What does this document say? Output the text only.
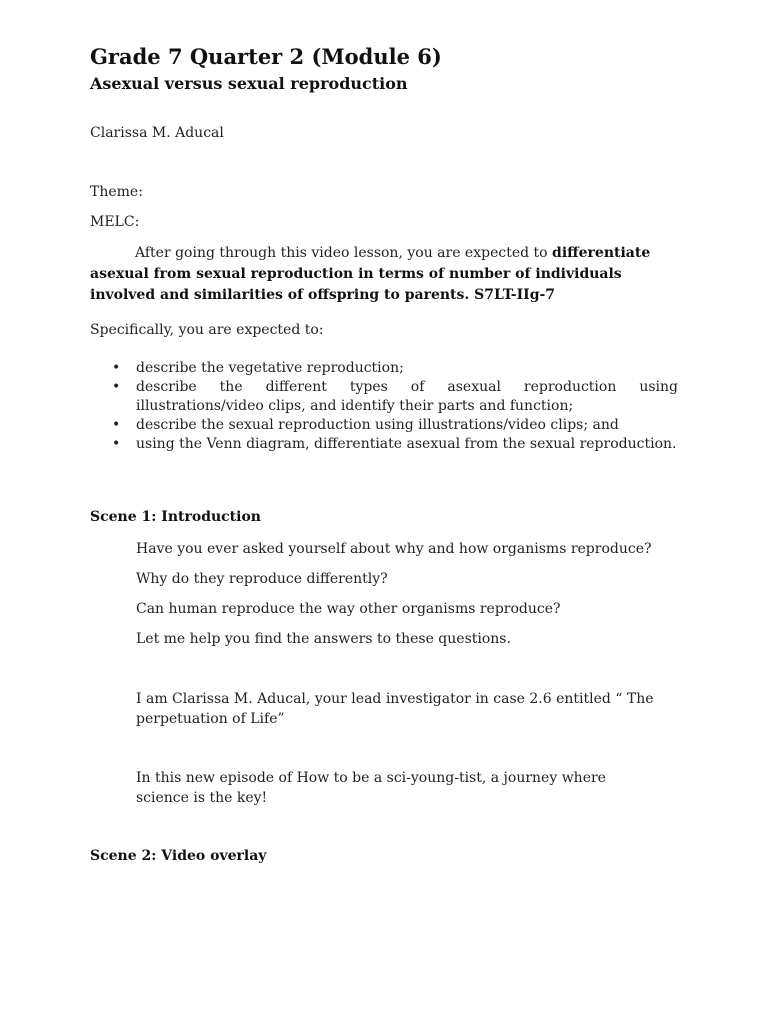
Grade 7 Quarter 2 (Module 6)
Asexual versus sexual reproduction

Clarissa M. Aducal

Theme:

MELC:

After going through this video lesson, you are expected to differentiate asexual from sexual reproduction in terms of number of individuals involved and similarities of offspring to parents. S7LT-IIg-7

Specifically, you are expected to:

• describe the vegetative reproduction;
• describe the different types of asexual reproduction using illustrations/video clips, and identify their parts and function;
• describe the sexual reproduction using illustrations/video clips; and
• using the Venn diagram, differentiate asexual from the sexual reproduction.

Scene 1: Introduction

Have you ever asked yourself about why and how organisms reproduce?

Why do they reproduce differently?

Can human reproduce the way other organisms reproduce?

Let me help you find the answers to these questions.

I am Clarissa M. Aducal, your lead investigator in case 2.6 entitled “ The perpetuation of Life”

In this new episode of How to be a sci-young-tist, a journey where science is the key!

Scene 2: Video overlay
